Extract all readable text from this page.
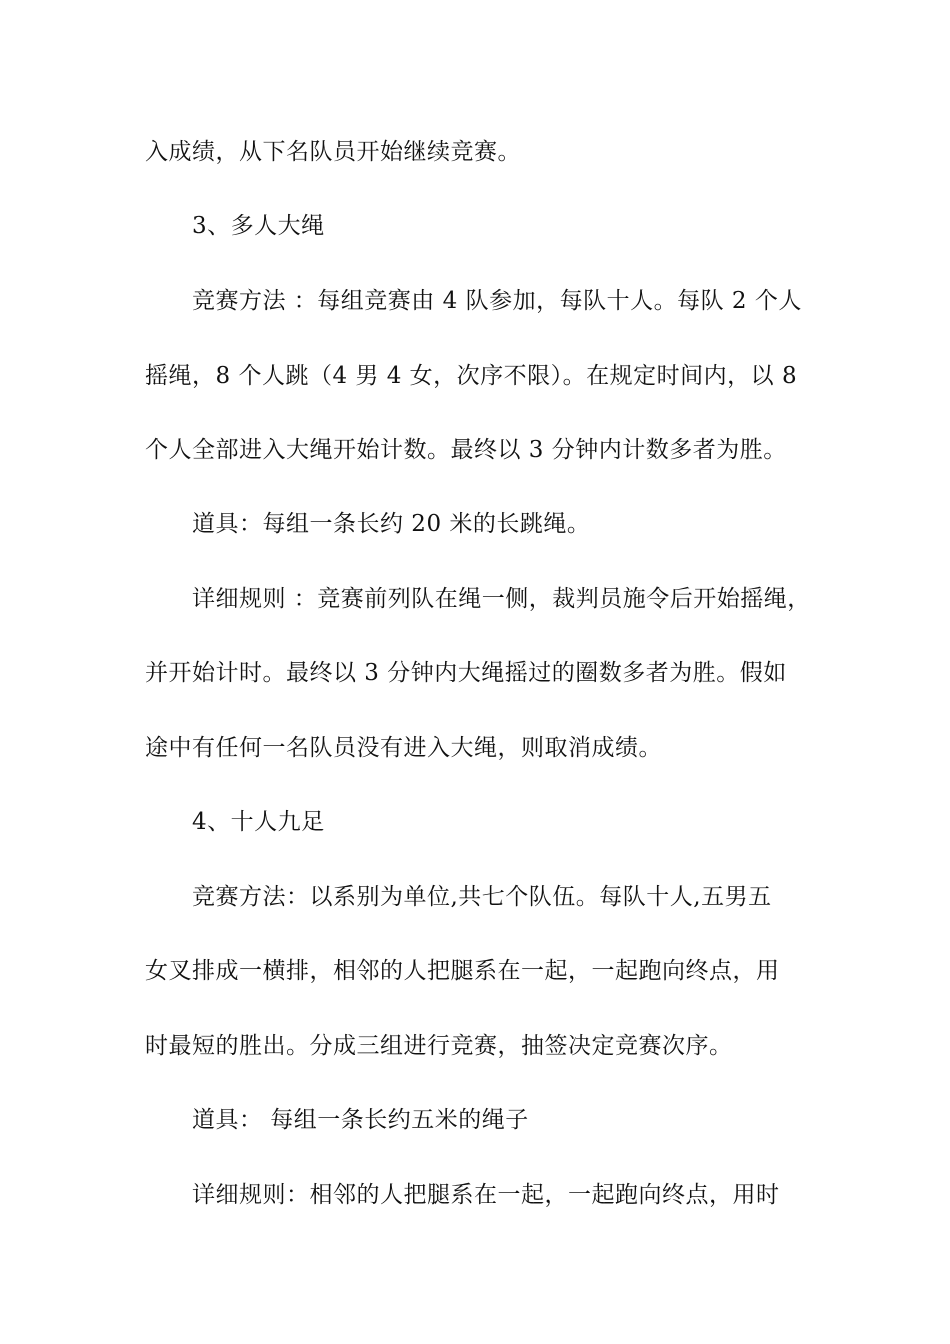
入成绩，从下名队员开始继续竞赛。
3、多人大绳
竞赛方法 ：每组竞赛由 4 队参加，每队十人。每队 2 个人
摇绳，8 个人跳（4 男 4 女，次序不限）。在规定时间内，以 8
个人全部进入大绳开始计数。最终以 3 分钟内计数多者为胜。
道具：每组一条长约 20 米的长跳绳。
详细规则 ：竞赛前列队在绳一侧，裁判员施令后开始摇绳，
并开始计时。最终以 3 分钟内大绳摇过的圈数多者为胜。假如
途中有任何一名队员没有进入大绳，则取消成绩。
4、十人九足
竞赛方法：以系别为单位,共七个队伍。每队十人,五男五
女叉排成一横排，相邻的人把腿系在一起，一起跑向终点，用
时最短的胜出。分成三组进行竞赛，抽签决定竞赛次序。
道具： 每组一条长约五米的绳子
详细规则：相邻的人把腿系在一起，一起跑向终点，用时
